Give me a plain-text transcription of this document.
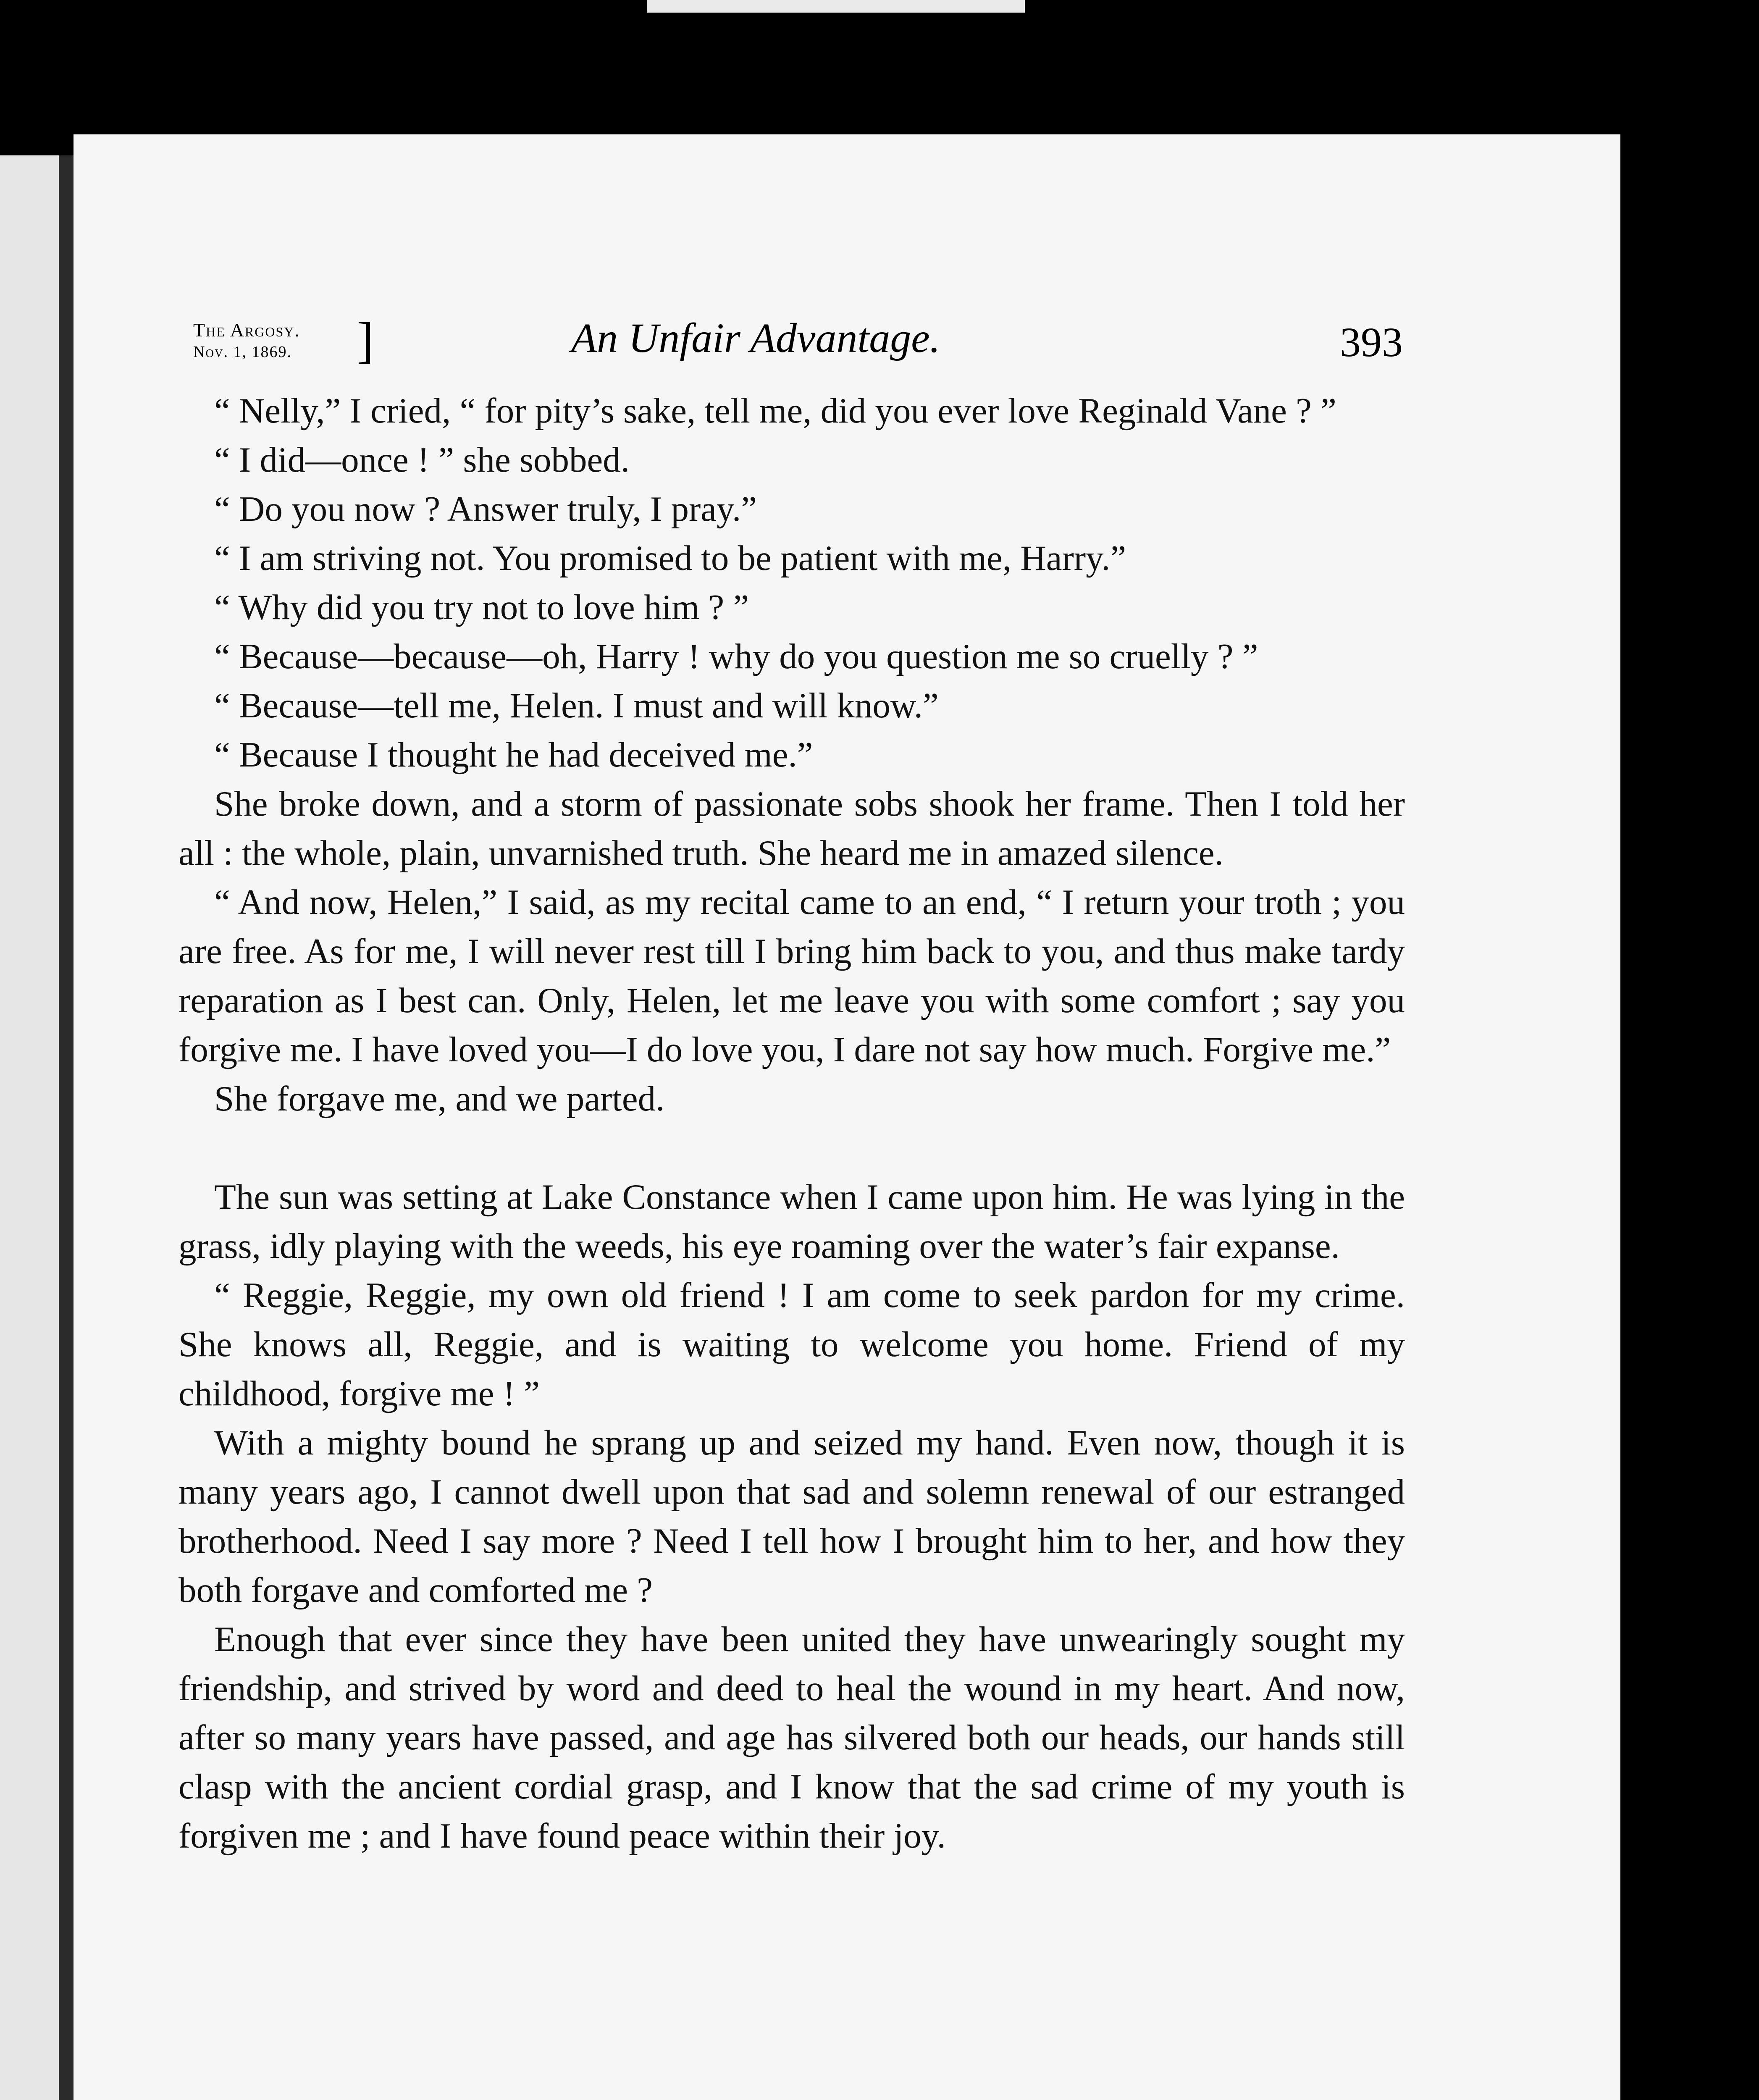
The Argosy.
Nov. 1, 1869. ]	An Unfair Advantage.	393

“ Nelly,” I cried, “ for pity’s sake, tell me, did you ever love Reginald Vane ? ”

“ I did—once ! ” she sobbed.

“ Do you now ? Answer truly, I pray.”

“ I am striving not. You promised to be patient with me, Harry.”

“ Why did you try not to love him ? ”

“ Because—because—oh, Harry ! why do you question me so cruelly ? ”

“ Because—tell me, Helen. I must and will know.”

“ Because I thought he had deceived me.”

She broke down, and a storm of passionate sobs shook her frame. Then I told her all : the whole, plain, unvarnished truth. She heard me in amazed silence.

“ And now, Helen,” I said, as my recital came to an end, “ I return your troth ; you are free. As for me, I will never rest till I bring him back to you, and thus make tardy reparation as I best can. Only, Helen, let me leave you with some comfort ; say you forgive me. I have loved you—I do love you, I dare not say how much. Forgive me.”

She forgave me, and we parted.

The sun was setting at Lake Constance when I came upon him. He was lying in the grass, idly playing with the weeds, his eye roaming over the water’s fair expanse.

“ Reggie, Reggie, my own old friend ! I am come to seek pardon for my crime. She knows all, Reggie, and is waiting to welcome you home. Friend of my childhood, forgive me ! ”

With a mighty bound he sprang up and seized my hand. Even now, though it is many years ago, I cannot dwell upon that sad and solemn renewal of our estranged brotherhood. Need I say more ? Need I tell how I brought him to her, and how they both forgave and comforted me ?

Enough that ever since they have been united they have unwearingly sought my friendship, and strived by word and deed to heal the wound in my heart. And now, after so many years have passed, and age has silvered both our heads, our hands still clasp with the ancient cordial grasp, and I know that the sad crime of my youth is forgiven me ; and I have found peace within their joy.
